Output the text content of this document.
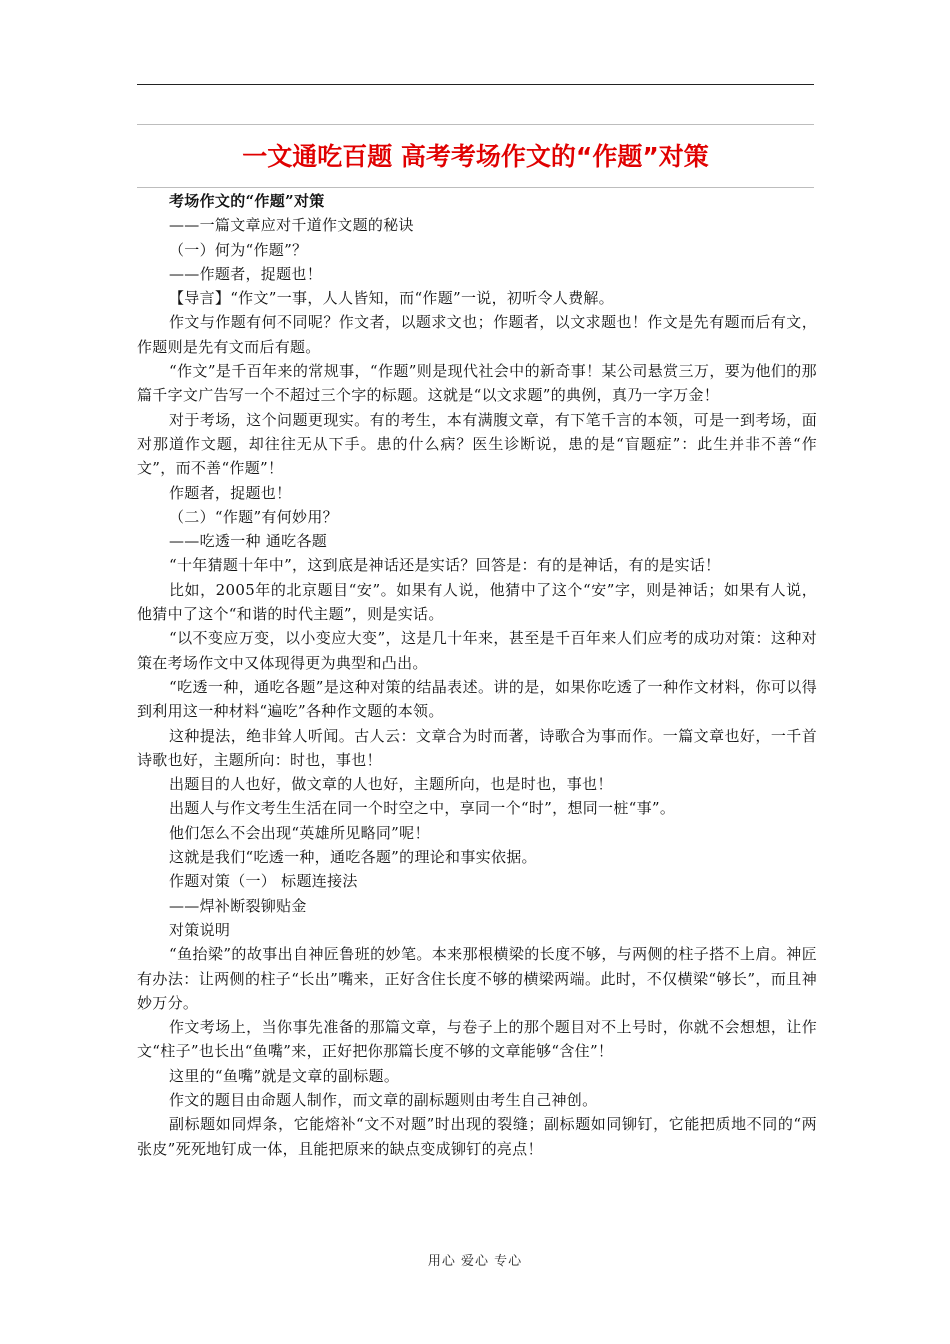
一文通吃百题 高考考场作文的“作题”对策

考场作文的“作题”对策

——一篇文章应对千道作文题的秘诀

（一）何为“作题”？

——作题者，捉题也！

【导言】“作文”一事，人人皆知，而“作题”一说，初听令人费解。

作文与作题有何不同呢？作文者，以题求文也；作题者，以文求题也！作文是先有题而后有文，作题则是先有文而后有题。

“作文”是千百年来的常规事，“作题”则是现代社会中的新奇事！某公司悬赏三万，要为他们的那篇千字文广告写一个不超过三个字的标题。这就是“以文求题”的典例，真乃一字万金！

对于考场，这个问题更现实。有的考生，本有满腹文章，有下笔千言的本领，可是一到考场，面对那道作文题，却往往无从下手。患的什么病？医生诊断说，患的是“盲题症”：此生并非不善“作文”，而不善“作题”！

作题者，捉题也！

（二）“作题”有何妙用？

——吃透一种 通吃各题

“十年猜题十年中”，这到底是神话还是实话？回答是：有的是神话，有的是实话！

比如，2005年的北京题目“安”。如果有人说，他猜中了这个“安”字，则是神话；如果有人说，他猜中了这个“和谐的时代主题”，则是实话。

“以不变应万变，以小变应大变”，这是几十年来，甚至是千百年来人们应考的成功对策：这种对策在考场作文中又体现得更为典型和凸出。

“吃透一种，通吃各题”是这种对策的结晶表述。讲的是，如果你吃透了一种作文材料，你可以得到利用这一种材料“遍吃”各种作文题的本领。

这种提法，绝非耸人听闻。古人云：文章合为时而著，诗歌合为事而作。一篇文章也好，一千首诗歌也好，主题所向：时也，事也！

出题目的人也好，做文章的人也好，主题所向，也是时也，事也！

出题人与作文考生生活在同一个时空之中，享同一个“时”，想同一桩“事”。

他们怎么不会出现“英雄所见略同”呢！

这就是我们“吃透一种，通吃各题”的理论和事实依据。

作题对策（一） 标题连接法

——焊补断裂铆贴金

对策说明

“鱼抬梁”的故事出自神匠鲁班的妙笔。本来那根横梁的长度不够，与两侧的柱子搭不上肩。神匠有办法：让两侧的柱子“长出”嘴来，正好含住长度不够的横梁两端。此时，不仅横梁“够长”，而且神妙万分。

作文考场上，当你事先准备的那篇文章，与卷子上的那个题目对不上号时，你就不会想想，让作文“柱子”也长出“鱼嘴”来，正好把你那篇长度不够的文章能够“含住”！

这里的“鱼嘴”就是文章的副标题。

作文的题目由命题人制作，而文章的副标题则由考生自己神创。

副标题如同焊条，它能熔补“文不对题”时出现的裂缝；副标题如同铆钉，它能把质地不同的“两张皮”死死地钉成一体，且能把原来的缺点变成铆钉的亮点！

用心 爱心 专心
